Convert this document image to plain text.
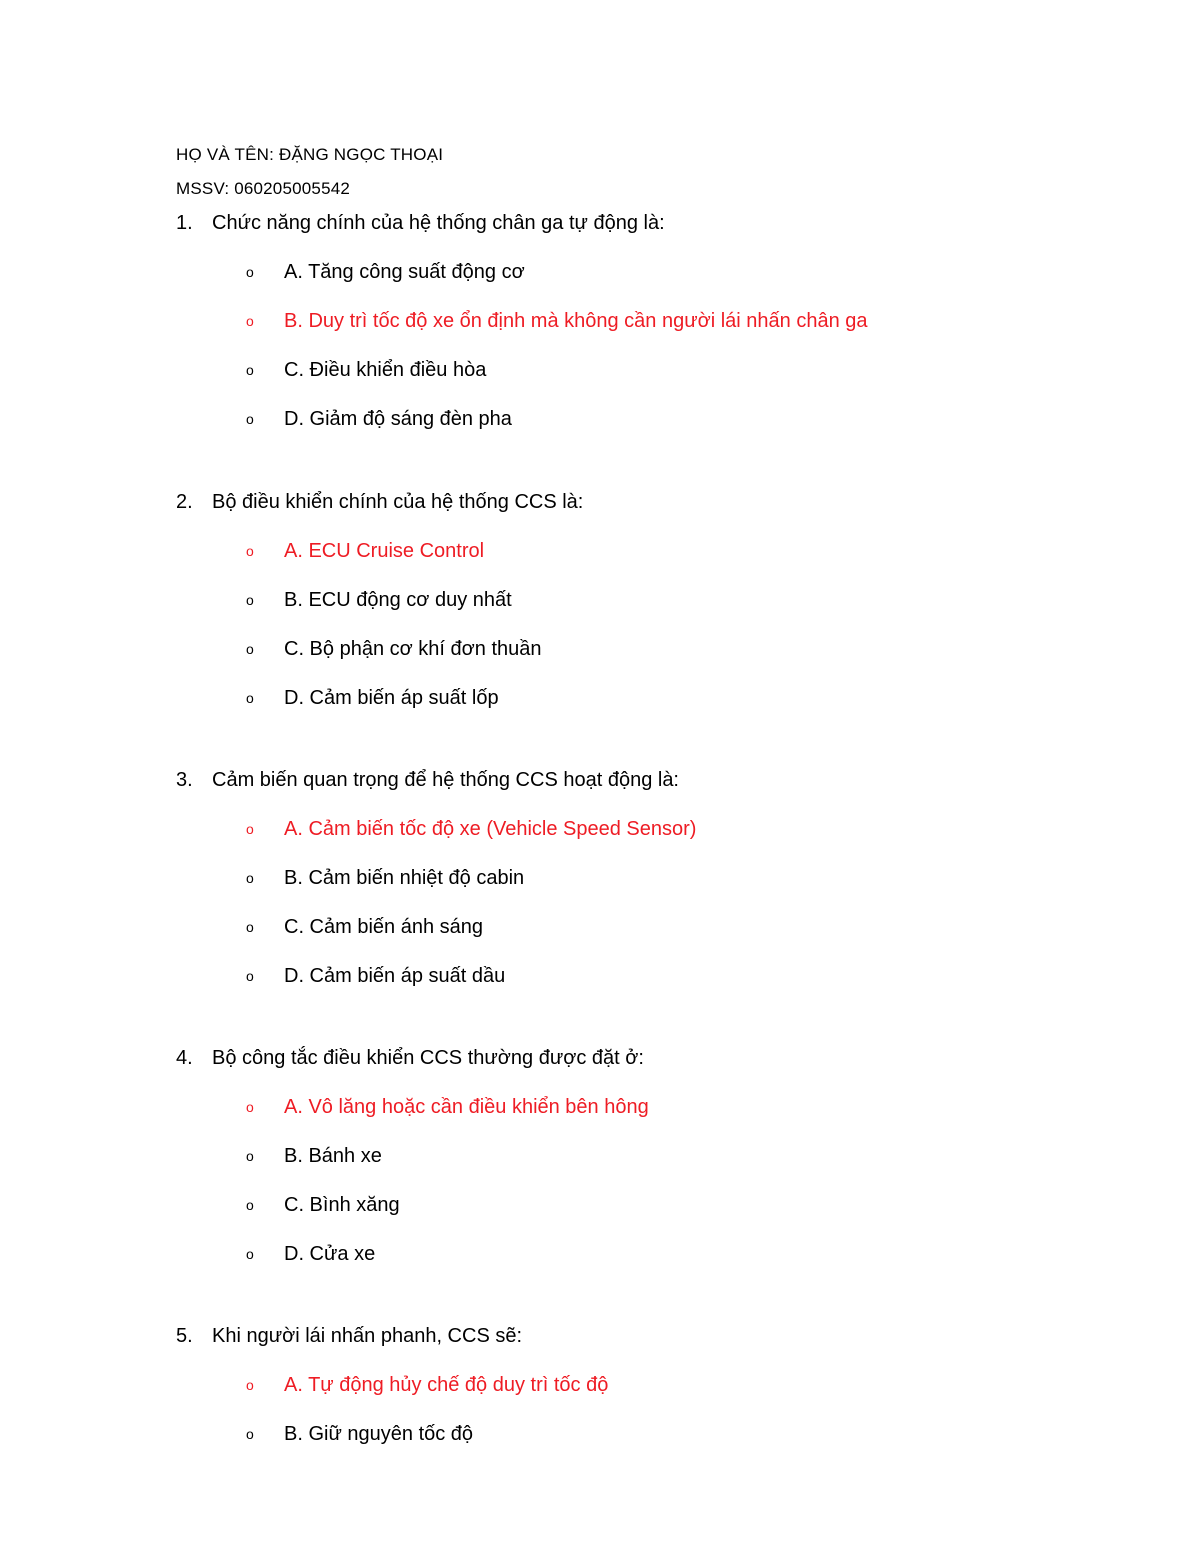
HỌ VÀ TÊN: ĐẶNG NGỌC THOẠI
MSSV: 060205005542
1. Chức năng chính của hệ thống chân ga tự động là:
o A. Tăng công suất động cơ
o B. Duy trì tốc độ xe ổn định mà không cần người lái nhấn chân ga
o C. Điều khiển điều hòa
o D. Giảm độ sáng đèn pha
2. Bộ điều khiển chính của hệ thống CCS là:
o A. ECU Cruise Control
o B. ECU động cơ duy nhất
o C. Bộ phận cơ khí đơn thuần
o D. Cảm biến áp suất lốp
3. Cảm biến quan trọng để hệ thống CCS hoạt động là:
o A. Cảm biến tốc độ xe (Vehicle Speed Sensor)
o B. Cảm biến nhiệt độ cabin
o C. Cảm biến ánh sáng
o D. Cảm biến áp suất dầu
4. Bộ công tắc điều khiển CCS thường được đặt ở:
o A. Vô lăng hoặc cần điều khiển bên hông
o B. Bánh xe
o C. Bình xăng
o D. Cửa xe
5. Khi người lái nhấn phanh, CCS sẽ:
o A. Tự động hủy chế độ duy trì tốc độ
o B. Giữ nguyên tốc độ
